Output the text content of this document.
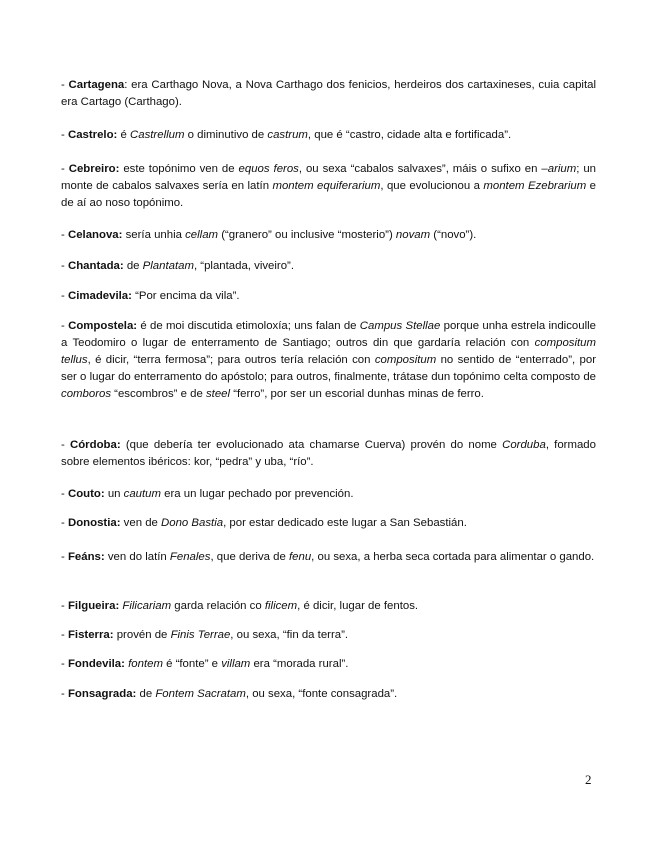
- Cartagena: era Carthago Nova, a Nova Carthago dos fenicios, herdeiros dos cartaxineses, cuia capital era Cartago (Carthago).

- Castrelo: é Castrellum o diminutivo de castrum, que é “castro, cidade alta e fortificada”.

- Cebreiro: este topónimo ven de equos feros, ou sexa “cabalos salvaxes”, máis o sufixo en –arium; un monte de cabalos salvaxes sería en latín montem equiferarium, que evolucionou a montem Ezebrarium e de aí ao noso topónimo.

- Celanova: sería unhia cellam (“granero” ou inclusive “mosterio”) novam (“novo”).

- Chantada: de Plantatam, “plantada, viveiro”.

- Cimadevila: “Por encima da vila”.

- Compostela: é de moi discutida etimoloxía; uns falan de Campus Stellae porque unha estrela indicoulle a Teodomiro o lugar de enterramento de Santiago; outros din que gardaría relación con compositum tellus, é dicir, “terra fermosa”; para outros tería relación con compositum no sentido de “enterrado”, por ser o lugar do enterramento do apóstolo; para outros, finalmente, trátase dun topónimo celta composto de comboros “escombros” e de steel “ferro”, por ser un escorial dunhas minas de ferro.

- Córdoba: (que debería ter evolucionado ata chamarse Cuerva) provén do nome Corduba, formado sobre elementos ibéricos: kor, “pedra” y uba, “río”.

- Couto: un cautum era un lugar pechado por prevención.

- Donostia: ven de Dono Bastia, por estar dedicado este lugar a San Sebastián.

- Feáns: ven do latín Fenales, que deriva de fenu, ou sexa, a herba seca cortada para alimentar o gando.

- Filgueira: Filicariam garda relación co filicem, é dicir, lugar de fentos.

- Fisterra: provén de Finis Terrae, ou sexa, “fin da terra”.

- Fondevila: fontem é “fonte” e villam era “morada rural”.

- Fonsagrada: de Fontem Sacratam, ou sexa, “fonte consagrada”.

2
